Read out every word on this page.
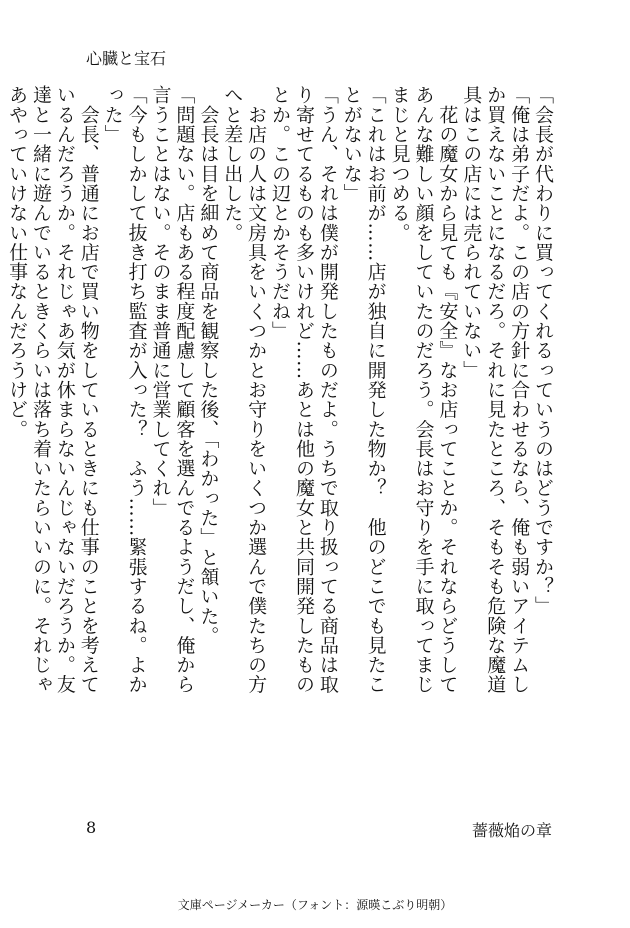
心臓と宝石

「会長が代わりに買ってくれるっていうのはどうですか？」

「俺は弟子だよ。この店の方針に合わせるなら、俺も弱いアイテムしか買えないことになるだろ。それに見たところ、そもそも危険な魔道具はこの店には売られていない」

　花の魔女から見ても『安全』なお店ってことか。それならどうしてあんな難しい顔をしていたのだろう。会長はお守りを手に取ってまじまじと見つめる。

「これはお前が……店が独自に開発した物か？　他のどこでも見たことがないな」

「うん、それは僕が開発したものだよ。うちで取り扱ってる商品は取り寄せてるものも多いけれど……あとは他の魔女と共同開発したものとか。この辺とかそうだね」

　お店の人は文房具をいくつかとお守りをいくつか選んで僕たちの方へと差し出した。

　会長は目を細めて商品を観察した後、「わかった」と頷いた。

「問題ない。店もある程度配慮して顧客を選んでるようだし、俺から言うことはない。そのまま普通に営業してくれ」

「今もしかして抜き打ち監査が入った？　ふう……緊張するね。よかった」

　会長、普通にお店で買い物をしているときにも仕事のことを考えているんだろうか。それじゃあ気が休まらないんじゃないだろうか。友達と一緒に遊んでいるときくらいは落ち着いたらいいのに。それじゃあやっていけない仕事なんだろうけど。

8	薔薇焔の章
文庫ページメーカー（フォント：源暎こぶり明朝）
